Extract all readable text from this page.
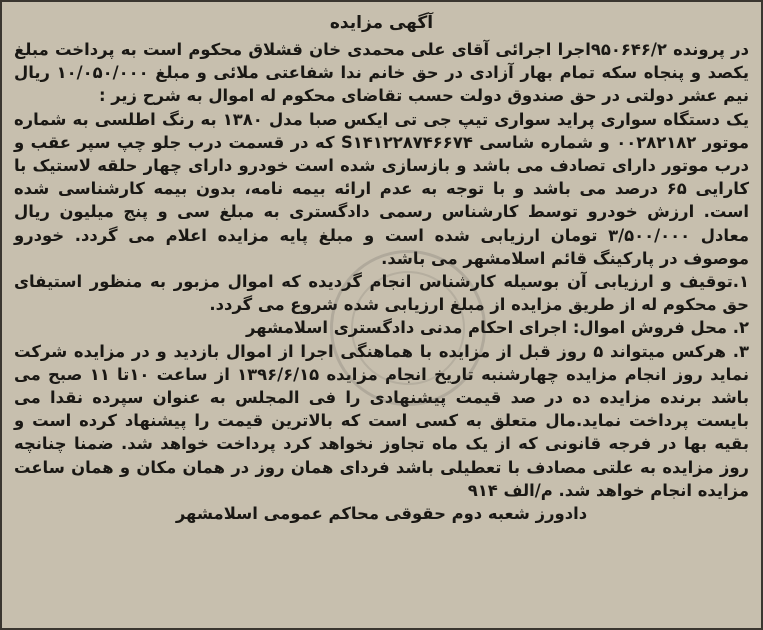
آگهی مزایده

در پرونده ۹۵۰۶۴۶/۲اجرا اجرائی آقای علی محمدی خان قشلاق محکوم است به پرداخت مبلغ یکصد و پنجاه سکه تمام بهار آزادی در حق خانم ندا شفاعتی ملائی و مبلغ ۱۰/۰۵۰/۰۰۰ ریال نیم عشر دولتی در حق صندوق دولت حسب تقاضای محکوم له اموال به شرح زیر :

یک دستگاه سواری پراید سواری تیپ جی تی ایکس صبا مدل ۱۳۸۰ به رنگ اطلسی به شماره موتور ۰۰۲۸۲۱۸۲ و شماره شاسی S۱۴۱۲۲۸۷۴۶۶۷۴ که در قسمت درب جلو چپ سپر عقب و درب موتور دارای تصادف می باشد و بازسازی شده است خودرو دارای چهار حلقه لاستیک با کارایی ۶۵ درصد می باشد و با توجه به عدم ارائه بیمه نامه، بدون بیمه کارشناسی شده است. ارزش خودرو توسط کارشناس رسمی دادگستری به مبلغ سی و پنج میلیون ریال معادل ۳/۵۰۰/۰۰۰ تومان ارزیابی شده است و مبلغ پایه مزایده اعلام می گردد. خودرو موصوف در پارکینگ قائم اسلامشهر می باشد.

۱.توقیف و ارزیابی آن بوسیله کارشناس انجام گردیده که اموال مزبور به منظور استیفای حق محکوم له از طریق مزایده از مبلغ ارزیابی شده شروع می گردد.

۲. محل فروش اموال: اجرای احکام مدنی دادگستری اسلامشهر

۳. هرکس میتواند ۵ روز قبل از مزایده با هماهنگی اجرا از اموال بازدید و در مزایده شرکت نماید روز انجام مزایده چهارشنبه تاریخ انجام مزایده ۱۳۹۶/۶/۱۵ از ساعت ۱۰تا ۱۱ صبح می باشد برنده مزایده ده در صد قیمت پیشنهادی را فی المجلس به عنوان سپرده نقدا می بایست پرداخت نماید.مال متعلق به کسی است که بالاترین قیمت را پیشنهاد کرده است و بقیه بها در فرجه قانونی که از یک ماه تجاوز نخواهد کرد پرداخت خواهد شد. ضمنا چنانچه روز مزایده به علتی مصادف با تعطیلی باشد فردای همان روز در همان مکان و همان ساعت مزایده انجام خواهد شد. م/الف ۹۱۴

دادورز شعبه دوم حقوقی محاکم عمومی اسلامشهر
